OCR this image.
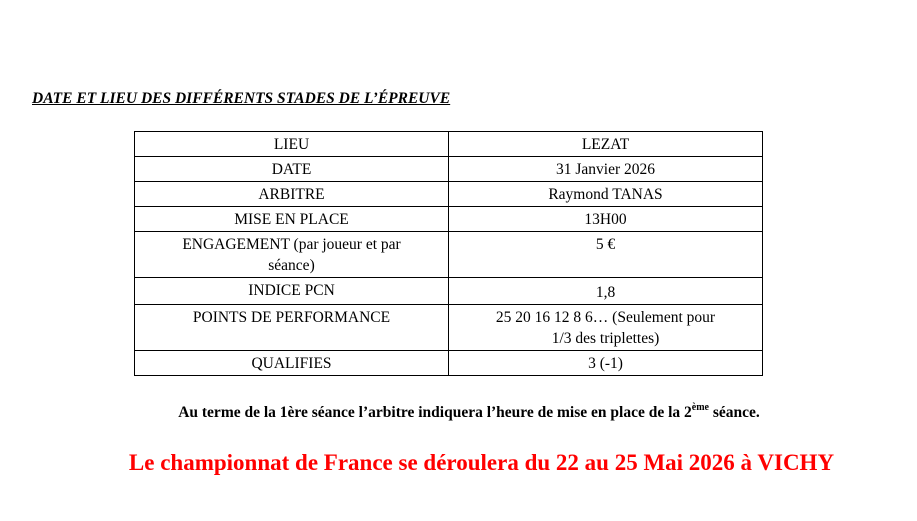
DATE ET LIEU DES DIFFÉRENTS STADES DE L’ÉPREUVE
LIEU	LEZAT
DATE	31 Janvier 2026
ARBITRE	Raymond TANAS
MISE EN PLACE	13H00
ENGAGEMENT (par joueur et par séance)	5 €
INDICE PCN	1,8
POINTS DE PERFORMANCE	25 20 16 12 8 6… (Seulement pour 1/3 des triplettes)
QUALIFIES	3 (-1)
Au terme de la 1ère séance l’arbitre indiquera l’heure de mise en place de la 2ème séance.
Le championnat de France se déroulera du 22 au 25 Mai 2026 à VICHY
